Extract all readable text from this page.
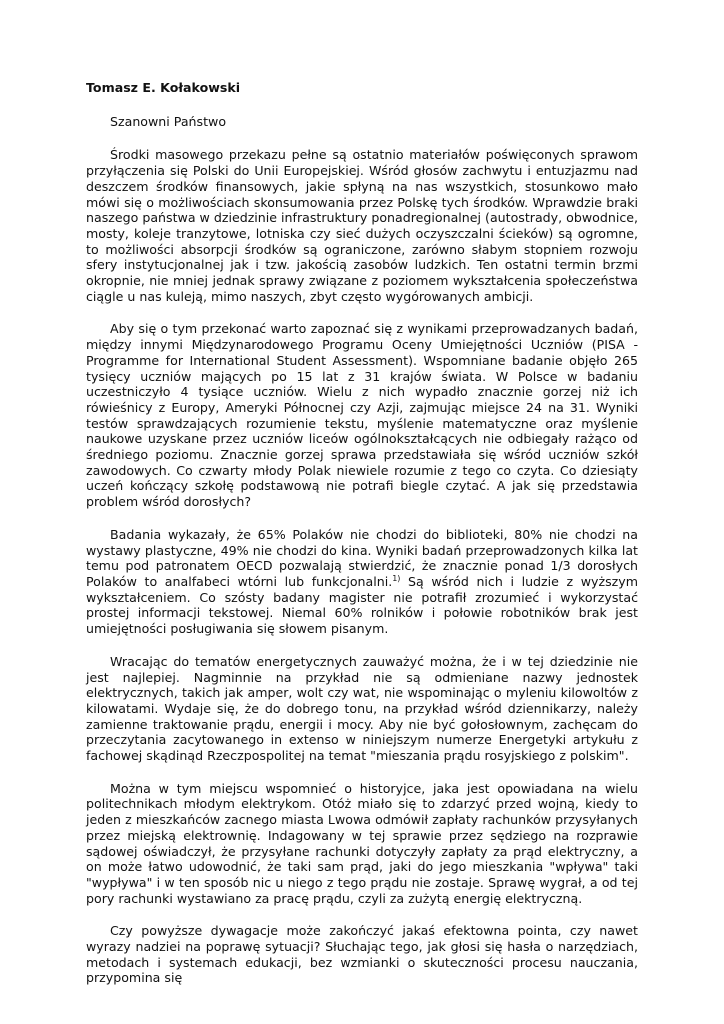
Tomasz E. Kołakowski

Szanowni Państwo

Środki masowego przekazu pełne są ostatnio materiałów poświęconych sprawom przyłączenia się Polski do Unii Europejskiej. Wśród głosów zachwytu i entuzjazmu nad deszczem środków finansowych, jakie spłyną na nas wszystkich, stosunkowo mało mówi się o możliwościach skonsumowania przez Polskę tych środków. Wprawdzie braki naszego państwa w dziedzinie infrastruktury ponadregionalnej (autostrady, obwodnice, mosty, koleje tranzytowe, lotniska czy sieć dużych oczyszczalni ścieków) są ogromne, to możliwości absorpcji środków są ograniczone, zarówno słabym stopniem rozwoju sfery instytucjonalnej jak i tzw. jakością zasobów ludzkich. Ten ostatni termin brzmi okropnie, nie mniej jednak sprawy związane z poziomem wykształcenia społeczeństwa ciągle u nas kuleją, mimo naszych, zbyt często wygórowanych ambicji.

Aby się o tym przekonać warto zapoznać się z wynikami przeprowadzanych badań, między innymi Międzynarodowego Programu Oceny Umiejętności Uczniów (PISA - Programme for International Student Assessment). Wspomniane badanie objęło 265 tysięcy uczniów mających po 15 lat z 31 krajów świata. W Polsce w badaniu uczestniczyło 4 tysiące uczniów. Wielu z nich wypadło znacznie gorzej niż ich rówieśnicy z Europy, Ameryki Północnej czy Azji, zajmując miejsce 24 na 31. Wyniki testów sprawdzających rozumienie tekstu, myślenie matematyczne oraz myślenie naukowe uzyskane przez uczniów liceów ogólnokształcących nie odbiegały rażąco od średniego poziomu. Znacznie gorzej sprawa przedstawiała się wśród uczniów szkół zawodowych. Co czwarty młody Polak niewiele rozumie z tego co czyta. Co dziesiąty uczeń kończący szkołę podstawową nie potrafi biegle czytać. A jak się przedstawia problem wśród dorosłych?

Badania wykazały, że 65% Polaków nie chodzi do biblioteki, 80% nie chodzi na wystawy plastyczne, 49% nie chodzi do kina. Wyniki badań przeprowadzonych kilka lat temu pod patronatem OECD pozwalają stwierdzić, że znacznie ponad 1/3 dorosłych Polaków to analfabeci wtórni lub funkcjonalni.$^{1)}$ Są wśród nich i ludzie z wyższym wykształceniem. Co szósty badany magister nie potrafił zrozumieć i wykorzystać prostej informacji tekstowej. Niemal 60% rolników i połowie robotników brak jest umiejętności posługiwania się słowem pisanym.

Wracając do tematów energetycznych zauważyć można, że i w tej dziedzinie nie jest najlepiej. Nagminnie na przykład nie są odmieniane nazwy jednostek elektrycznych, takich jak amper, wolt czy wat, nie wspominając o myleniu kilowoltów z kilowatami. Wydaje się, że do dobrego tonu, na przykład wśród dziennikarzy, należy zamienne traktowanie prądu, energii i mocy. Aby nie być gołosłownym, zachęcam do przeczytania zacytowanego in extenso w niniejszym numerze Energetyki artykułu z fachowej skądinąd Rzeczpospolitej na temat "mieszania prądu rosyjskiego z polskim".

Można w tym miejscu wspomnieć o historyjce, jaka jest opowiadana na wielu politechnikach młodym elektrykom. Otóż miało się to zdarzyć przed wojną, kiedy to jeden z mieszkańców zacnego miasta Lwowa odmówił zapłaty rachunków przysyłanych przez miejską elektrownię. Indagowany w tej sprawie przez sędziego na rozprawie sądowej oświadczył, że przysyłane rachunki dotyczyły zapłaty za prąd elektryczny, a on może łatwo udowodnić, że taki sam prąd, jaki do jego mieszkania "wpływa" taki "wypływa" i w ten sposób nic u niego z tego prądu nie zostaje. Sprawę wygrał, a od tej pory rachunki wystawiano za pracę prądu, czyli za zużytą energię elektryczną.

Czy powyższe dywagacje może zakończyć jakaś efektowna pointa, czy nawet wyrazy nadziei na poprawę sytuacji? Słuchając tego, jak głosi się hasła o narzędziach, metodach i systemach edukacji, bez wzmianki o skuteczności procesu nauczania, przypomina się
